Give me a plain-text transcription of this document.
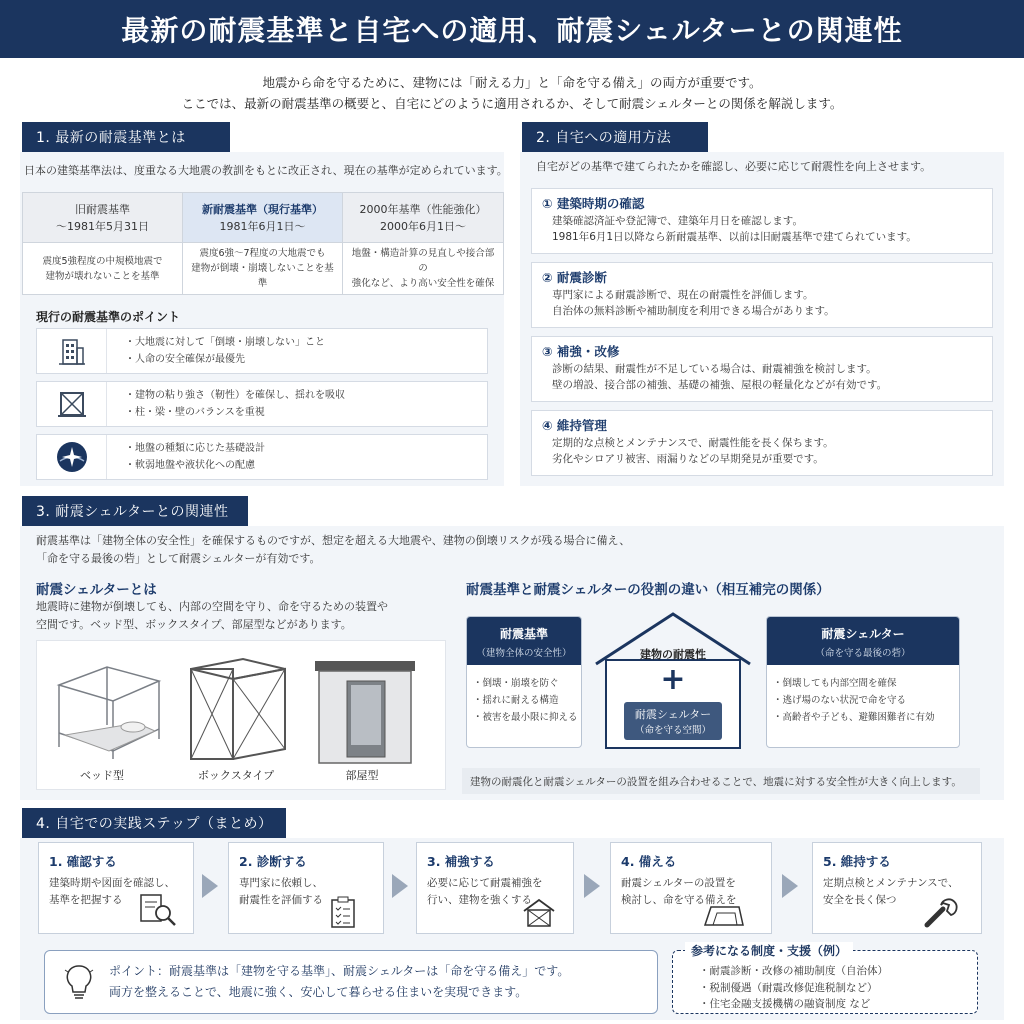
最新の耐震基準と自宅への適用、耐震シェルターとの関連性
地震から命を守るために、建物には「耐える力」と「命を守る備え」の両方が重要です。
ここでは、最新の耐震基準の概要と、自宅にどのように適用されるか、そして耐震シェルターとの関係を解説します。
1. 最新の耐震基準とは
日本の建築基準法は、度重なる大地震の教訓をもとに改正され、現在の基準が定められています。
旧耐震基準
〜1981年5月31日
震度5強程度の中規模地震で
建物が壊れないことを基準
新耐震基準（現行基準）
1981年6月1日〜
震度6強〜7程度の大地震でも
建物が倒壊・崩壊しないことを基準
2000年基準（性能強化）
2000年6月1日〜
地盤・構造計算の見直しや接合部の
強化など、より高い安全性を確保
現行の耐震基準のポイント
・大地震に対して「倒壊・崩壊しない」こと
・人命の安全確保が最優先
・建物の粘り強さ（靭性）を確保し、揺れを吸収
・柱・梁・壁のバランスを重視
・地盤の種類に応じた基礎設計
・軟弱地盤や液状化への配慮
2. 自宅への適用方法
自宅がどの基準で建てられたかを確認し、必要に応じて耐震性を向上させます。
① 建築時期の確認
建築確認済証や登記簿で、建築年月日を確認します。
1981年6月1日以降なら新耐震基準、以前は旧耐震基準で建てられています。
② 耐震診断
専門家による耐震診断で、現在の耐震性を評価します。
自治体の無料診断や補助制度を利用できる場合があります。
③ 補強・改修
診断の結果、耐震性が不足している場合は、耐震補強を検討します。
壁の増設、接合部の補強、基礎の補強、屋根の軽量化などが有効です。
④ 維持管理
定期的な点検とメンテナンスで、耐震性能を長く保ちます。
劣化やシロアリ被害、雨漏りなどの早期発見が重要です。
3. 耐震シェルターとの関連性
耐震基準は「建物全体の安全性」を確保するものですが、想定を超える大地震や、建物の倒壊リスクが残る場合に備え、
「命を守る最後の砦」として耐震シェルターが有効です。
耐震シェルターとは
地震時に建物が倒壊しても、内部の空間を守り、命を守るための装置や
空間です。ベッド型、ボックスタイプ、部屋型などがあります。
ベッド型	ボックスタイプ	部屋型
耐震基準と耐震シェルターの役割の違い（相互補完の関係）
耐震基準
（建物全体の安全性）
・倒壊・崩壊を防ぐ
・揺れに耐える構造
・被害を最小限に抑える
建物の耐震性
+
耐震シェルター
（命を守る空間）
耐震シェルター
（命を守る最後の砦）
・倒壊しても内部空間を確保
・逃げ場のない状況で命を守る
・高齢者や子ども、避難困難者に有効
建物の耐震化と耐震シェルターの設置を組み合わせることで、地震に対する安全性が大きく向上します。
4. 自宅での実践ステップ（まとめ）
1. 確認する
建築時期や図面を確認し、
基準を把握する
2. 診断する
専門家に依頼し、
耐震性を評価する
3. 補強する
必要に応じて耐震補強を
行い、建物を強くする
4. 備える
耐震シェルターの設置を
検討し、命を守る備えを
5. 維持する
定期点検とメンテナンスで、
安全を長く保つ
ポイント：耐震基準は「建物を守る基準」、耐震シェルターは「命を守る備え」です。
両方を整えることで、地震に強く、安心して暮らせる住まいを実現できます。
参考になる制度・支援（例）
・耐震診断・改修の補助制度（自治体）
・税制優遇（耐震改修促進税制など）
・住宅金融支援機構の融資制度 など
